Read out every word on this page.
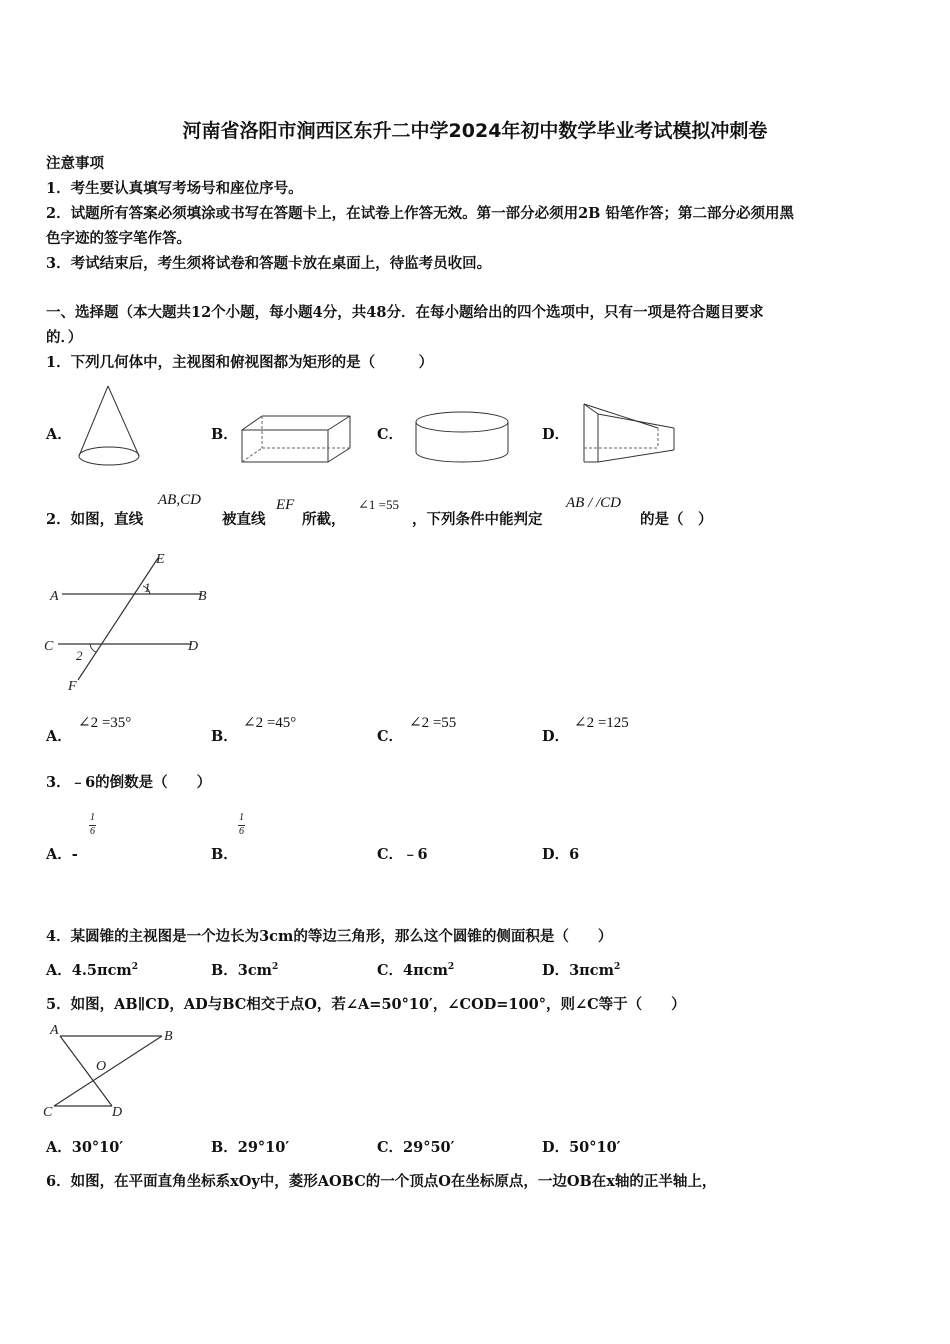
河南省洛阳市涧西区东升二中学2024年初中数学毕业考试模拟冲刺卷
注意事项
1．考生要认真填写考场号和座位序号。
2．试题所有答案必须填涂或书写在答题卡上，在试卷上作答无效。第一部分必须用2B 铅笔作答；第二部分必须用黑
色字迹的签字笔作答。
3．考试结束后，考生须将试卷和答题卡放在桌面上，待监考员收回。
一、选择题（本大题共12个小题，每小题4分，共48分．在每小题给出的四个选项中，只有一项是符合题目要求
的．）
1．下列几何体中，主视图和俯视图都为矩形的是（　　　）
A．	B．	C．	D．
2．如图，直线
AB,CD
被直线
EF
所截，
∠1 =55
，下列条件中能判定
AB / /CD
的是（　）
E
A	B
1
C	D
2
F
A．
∠2 =35°
B．
∠2 =45°
C．
∠2 =55
D．
∠2 =125
3．﹣6的倒数是（　　）
1
6
1
6
A．-	B．	C．﹣6	D．6
4．某圆锥的主视图是一个边长为3cm的等边三角形，那么这个圆锥的侧面积是（　　）
A．4.5πcm$^2$	B．$3cm^2$	C．4πcm$^2$	D．3πcm$^2$
5．如图，AB∥CD，AD与BC相交于点O，若∠A=50°10′，∠COD=100°，则∠C等于（　　）
A	B
O
C	D
A．30°10′	B．29°10′	C．29°50′	D．50°10′
6．如图，在平面直角坐标系xOy中，菱形AOBC的一个顶点O在坐标原点，一边OB在x轴的正半轴上，
